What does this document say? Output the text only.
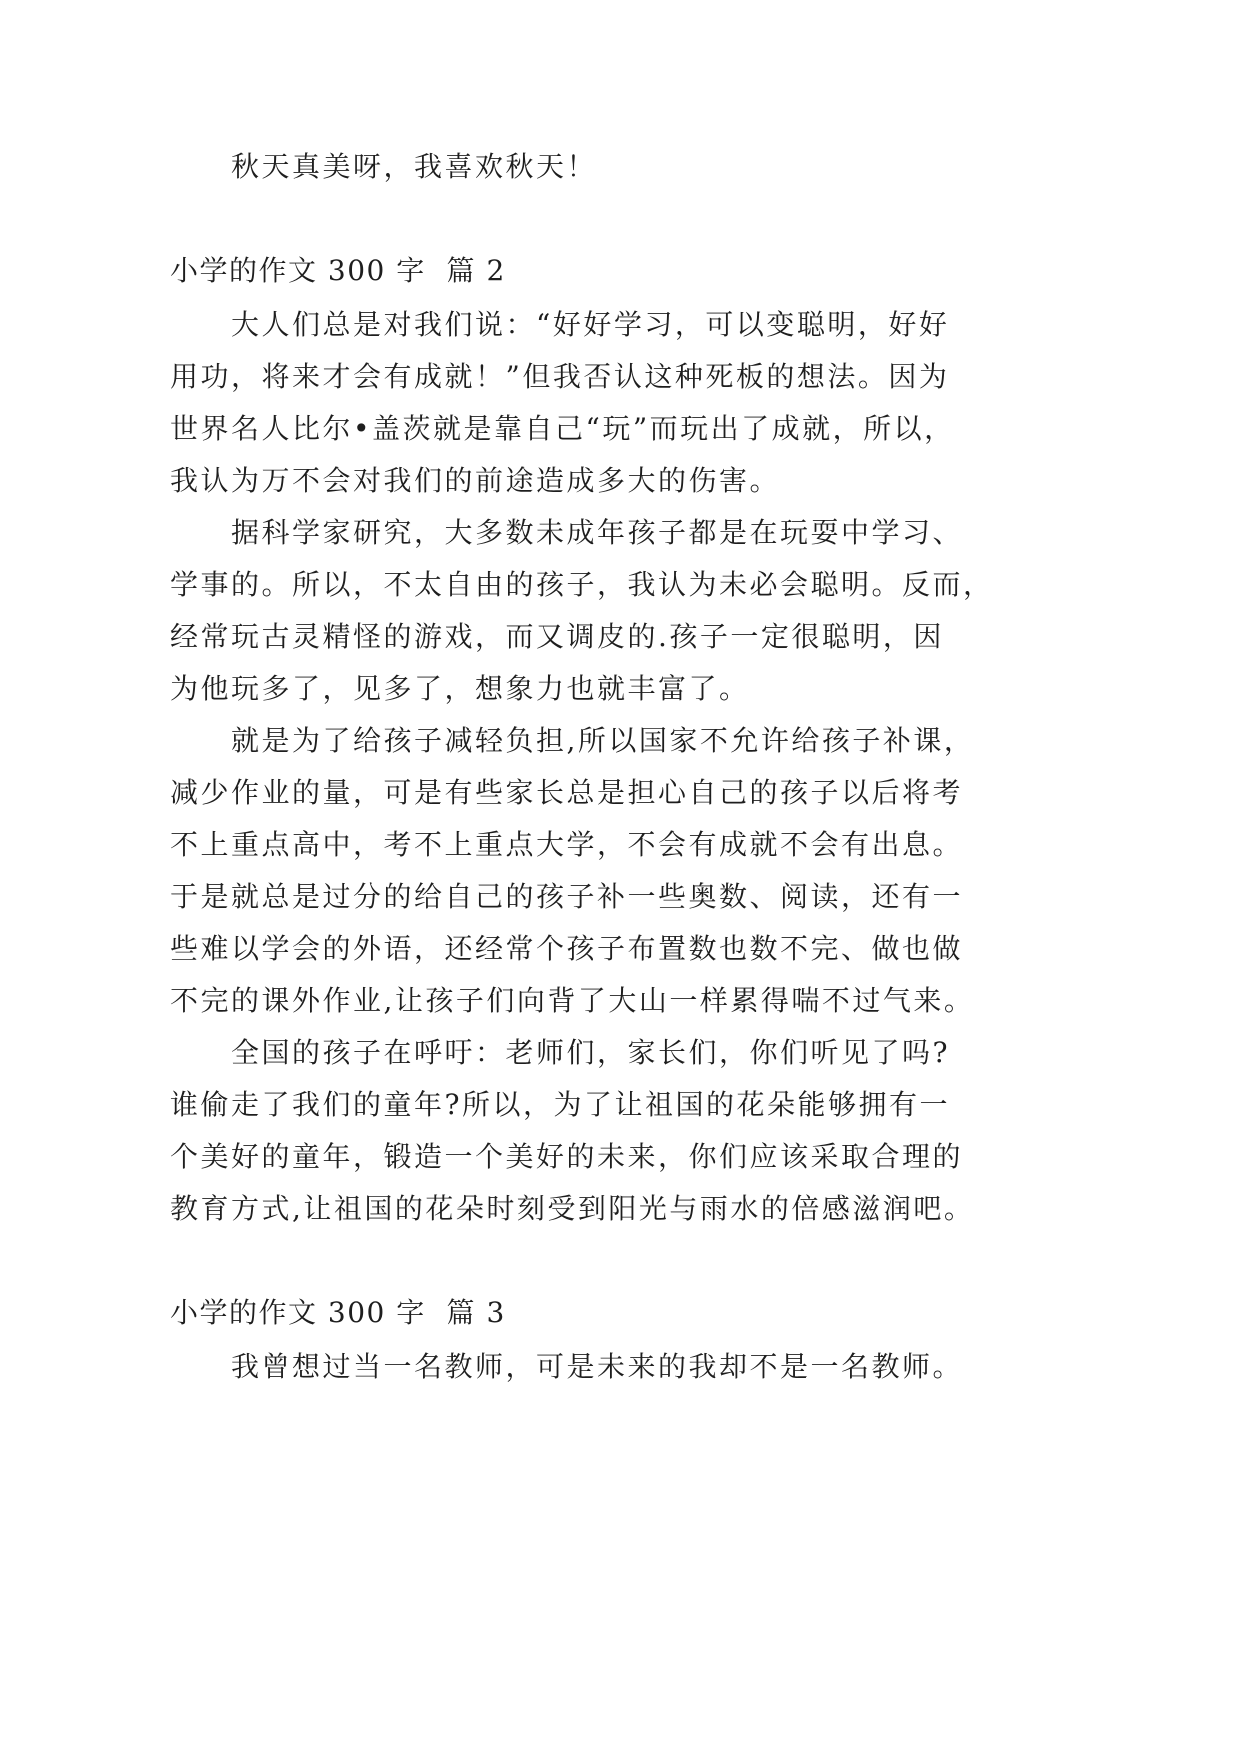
秋天真美呀，我喜欢秋天！
小学的作文 300 字  篇 2
大人们总是对我们说：“好好学习，可以变聪明，好好
用功，将来才会有成就！”但我否认这种死板的想法。因为
世界名人比尔•盖茨就是靠自己“玩”而玩出了成就，所以，
我认为万不会对我们的前途造成多大的伤害。
据科学家研究，大多数未成年孩子都是在玩耍中学习、
学事的。所以，不太自由的孩子，我认为未必会聪明。反而，
经常玩古灵精怪的游戏，而又调皮的.孩子一定很聪明，因
为他玩多了，见多了，想象力也就丰富了。
就是为了给孩子减轻负担,所以国家不允许给孩子补课，
减少作业的量，可是有些家长总是担心自己的孩子以后将考
不上重点高中，考不上重点大学，不会有成就不会有出息。
于是就总是过分的给自己的孩子补一些奥数、阅读，还有一
些难以学会的外语，还经常个孩子布置数也数不完、做也做
不完的课外作业,让孩子们向背了大山一样累得喘不过气来。
全国的孩子在呼吁：老师们，家长们，你们听见了吗?
谁偷走了我们的童年?所以，为了让祖国的花朵能够拥有一
个美好的童年，锻造一个美好的未来，你们应该采取合理的
教育方式,让祖国的花朵时刻受到阳光与雨水的倍感滋润吧。
小学的作文 300 字  篇 3
我曾想过当一名教师，可是未来的我却不是一名教师。
